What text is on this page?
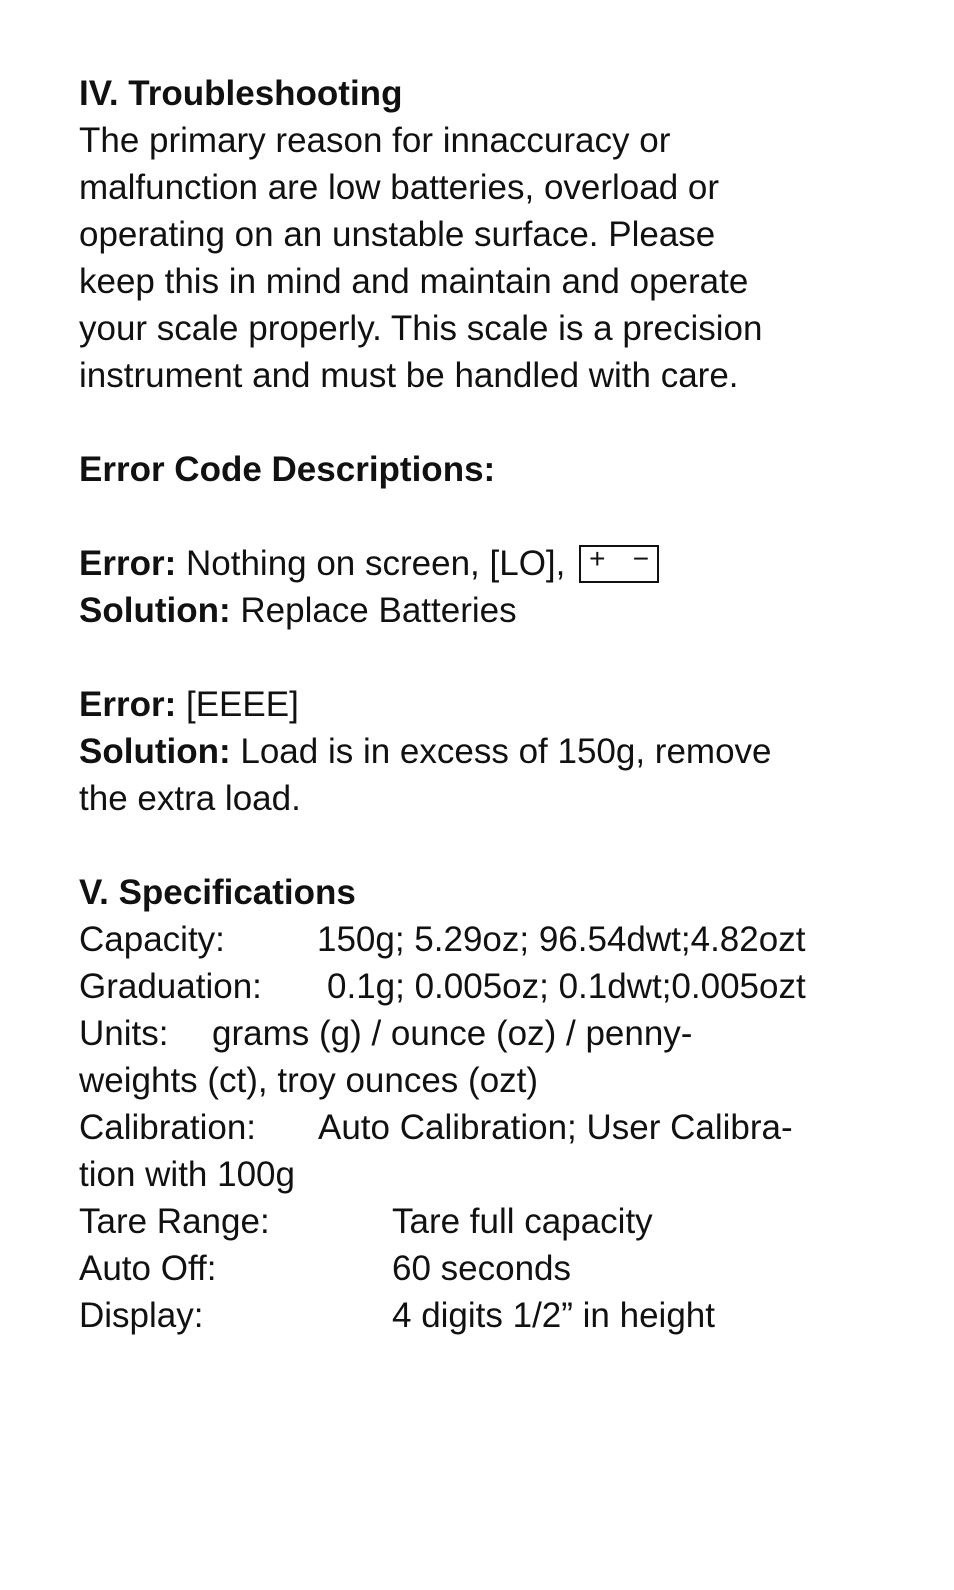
IV. Troubleshooting
The primary reason for innaccuracy or
malfunction are low batteries, overload or
operating on an unstable surface. Please
keep this in mind and maintain and operate
your scale properly. This scale is a precision
instrument and must be handled with care.
Error Code Descriptions:
Error: Nothing on screen, [LO], + −
Solution: Replace Batteries
Error: [EEEE]
Solution: Load is in excess of 150g, remove
the extra load.
V. Specifications
Capacity:	150g; 5.29oz; 96.54dwt;4.82ozt
Graduation: 0.1g; 0.005oz; 0.1dwt;0.005ozt
Units: grams (g) / ounce (oz) / penny-
weights (ct), troy ounces (ozt)
Calibration: Auto Calibration; User Calibra-
tion with 100g
Tare Range:	Tare full capacity
Auto Off:	60 seconds
Display:	4 digits 1/2” in height
